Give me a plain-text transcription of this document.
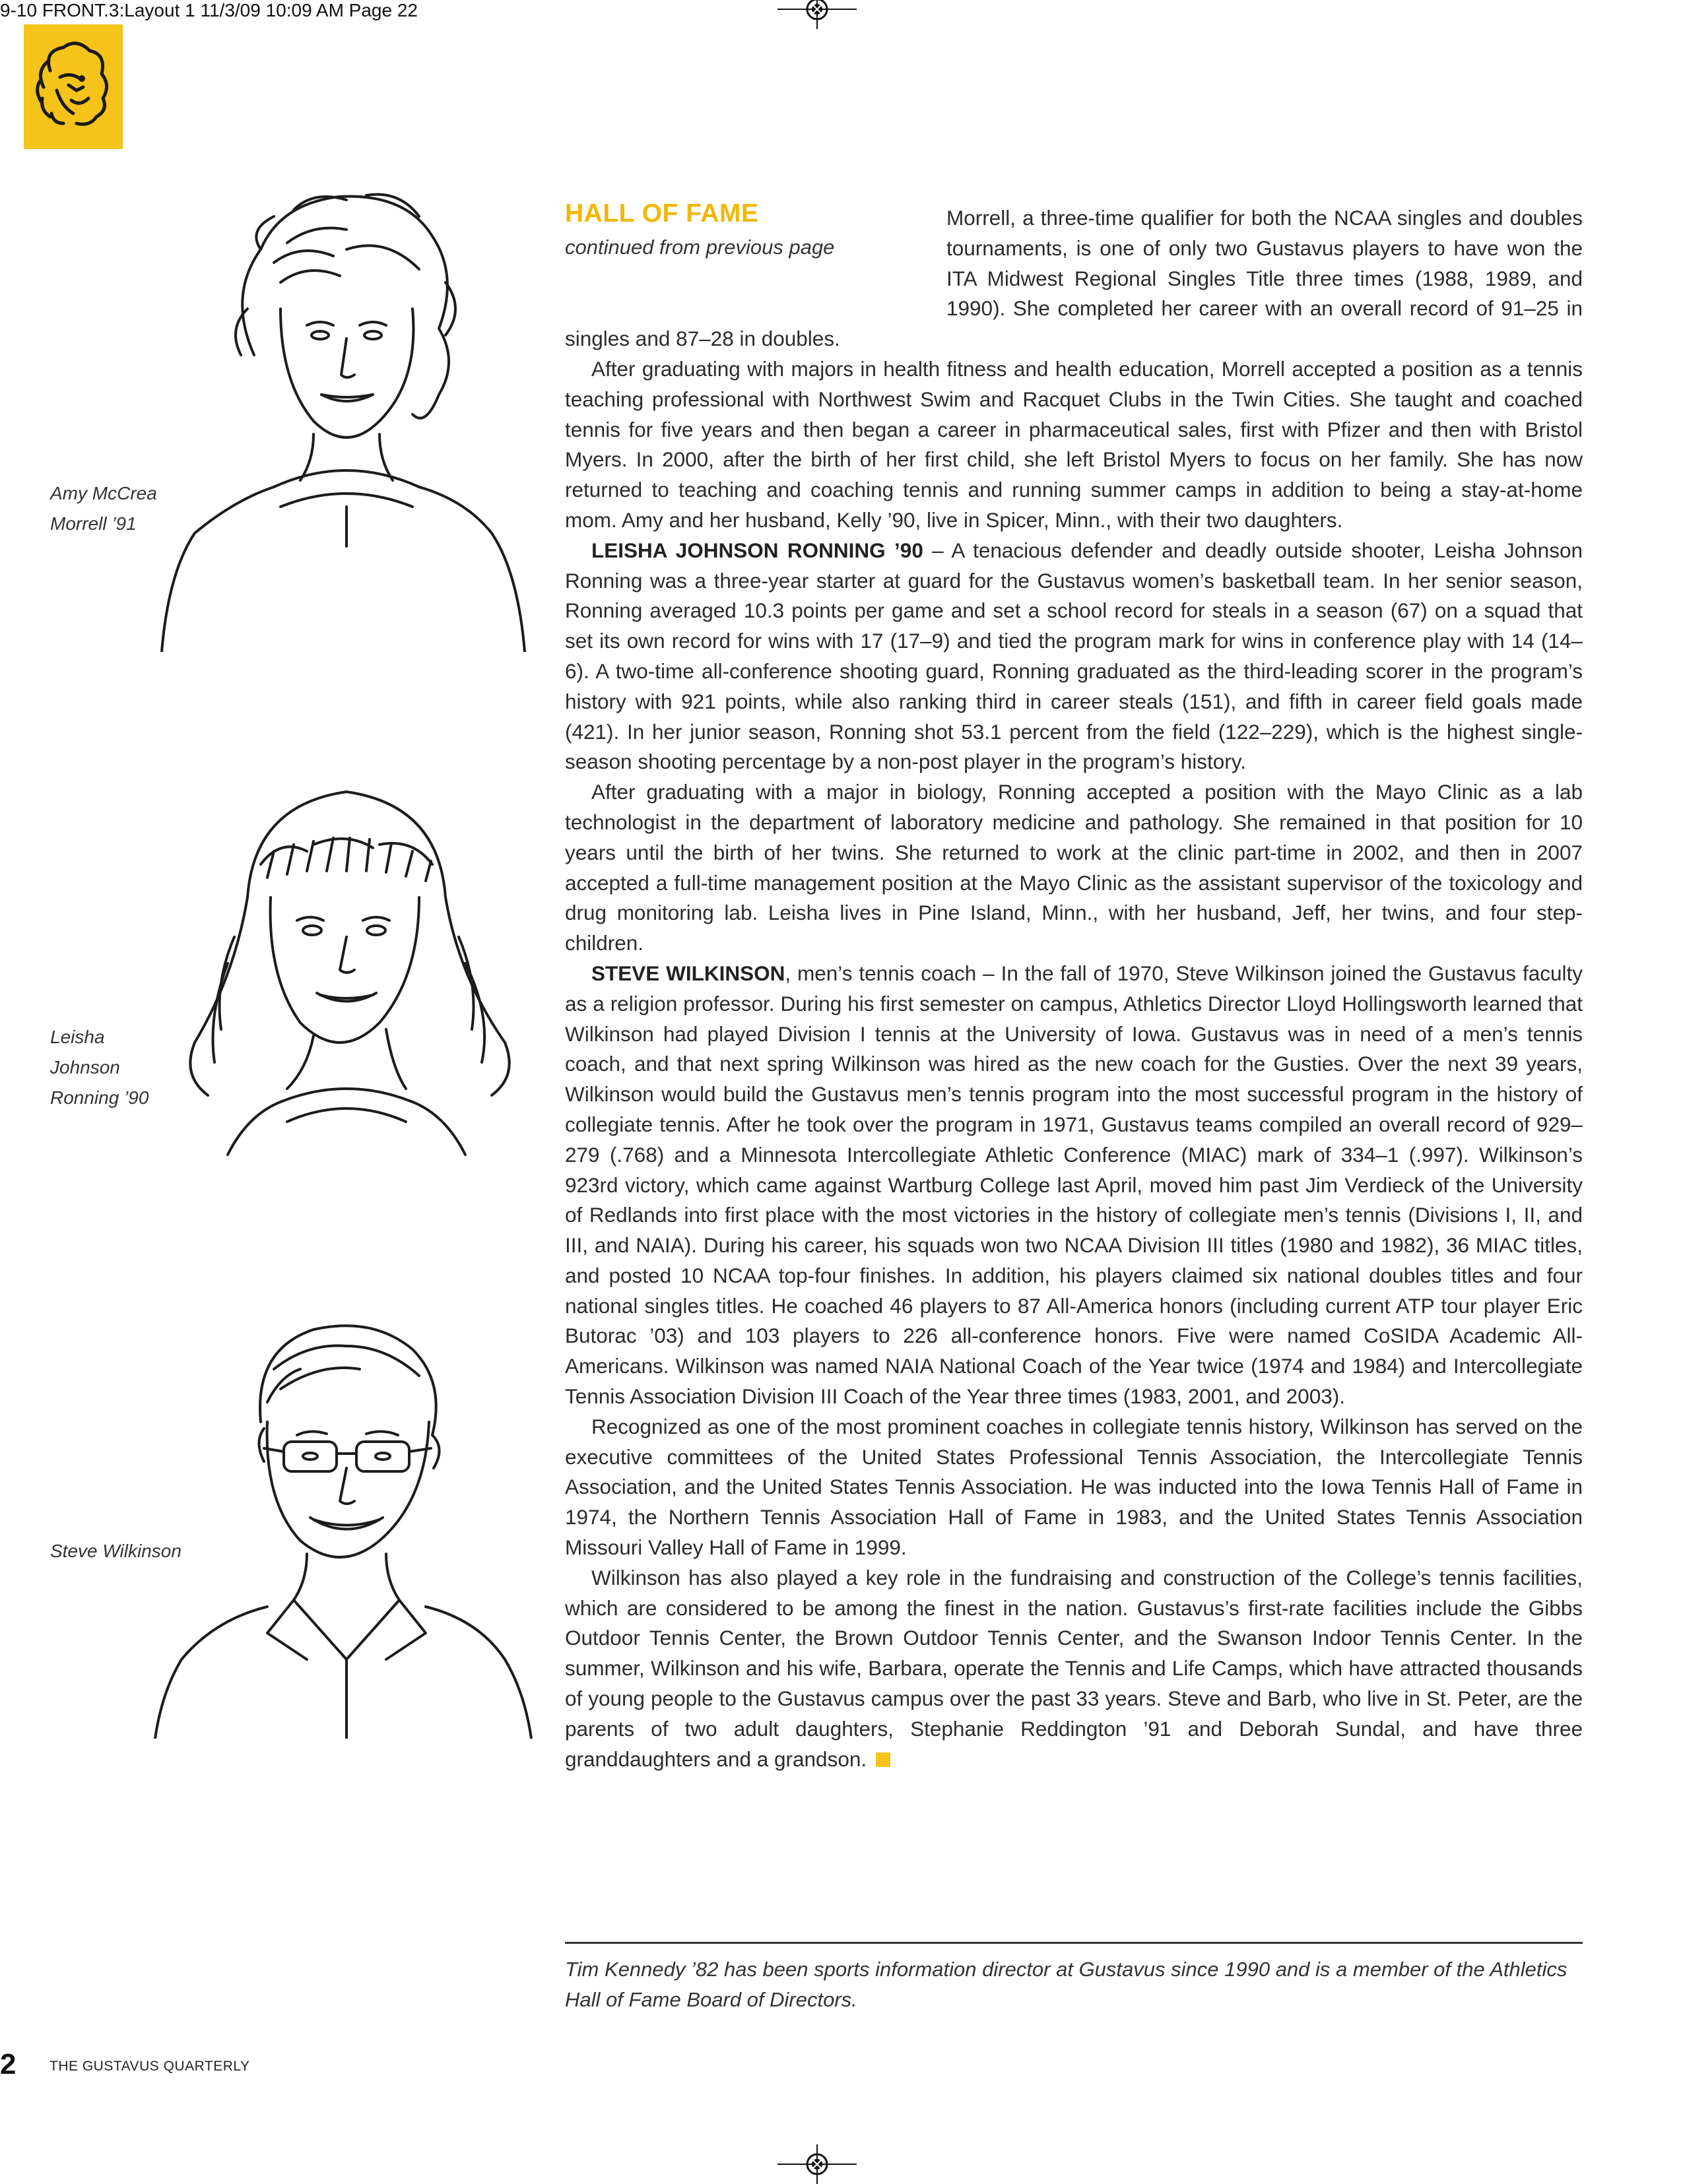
9-10 FRONT.3:Layout 1 11/3/09 10:09 AM Page 22
Amy McCrea
Morrell ’91
Leisha
Johnson
Ronning ’90
Steve Wilkinson
HALL OF FAME
continued from previous page

Morrell, a three-time qualifier for both the NCAA singles and doubles tournaments, is one of only two Gustavus players to have won the ITA Midwest Regional Singles Title three times (1988, 1989, and 1990). She completed her career with an overall record of 91–25 in singles and 87–28 in doubles.

After graduating with majors in health fitness and health education, Morrell accepted a position as a tennis teaching professional with Northwest Swim and Racquet Clubs in the Twin Cities. She taught and coached tennis for five years and then began a career in pharmaceutical sales, first with Pfizer and then with Bristol Myers. In 2000, after the birth of her first child, she left Bristol Myers to focus on her family. She has now returned to teaching and coaching tennis and running summer camps in addition to being a stay-at-home mom. Amy and her husband, Kelly ’90, live in Spicer, Minn., with their two daughters.

LEISHA JOHNSON RONNING ’90 – A tenacious defender and deadly outside shooter, Leisha Johnson Ronning was a three-year starter at guard for the Gustavus women’s basketball team. In her senior season, Ronning averaged 10.3 points per game and set a school record for steals in a season (67) on a squad that set its own record for wins with 17 (17–9) and tied the program mark for wins in conference play with 14 (14–6). A two-time all-conference shooting guard, Ronning graduated as the third-leading scorer in the program’s history with 921 points, while also ranking third in career steals (151), and fifth in career field goals made (421). In her junior season, Ronning shot 53.1 percent from the field (122–229), which is the highest single-season shooting percentage by a non-post player in the program’s history.

After graduating with a major in biology, Ronning accepted a position with the Mayo Clinic as a lab technologist in the department of laboratory medicine and pathology. She remained in that position for 10 years until the birth of her twins. She returned to work at the clinic part-time in 2002, and then in 2007 accepted a full-time management position at the Mayo Clinic as the assistant supervisor of the toxicology and drug monitoring lab. Leisha lives in Pine Island, Minn., with her husband, Jeff, her twins, and four step-children.

STEVE WILKINSON, men’s tennis coach – In the fall of 1970, Steve Wilkinson joined the Gustavus faculty as a religion professor. During his first semester on campus, Athletics Director Lloyd Hollingsworth learned that Wilkinson had played Division I tennis at the University of Iowa. Gustavus was in need of a men’s tennis coach, and that next spring Wilkinson was hired as the new coach for the Gusties. Over the next 39 years, Wilkinson would build the Gustavus men’s tennis program into the most successful program in the history of collegiate tennis. After he took over the program in 1971, Gustavus teams compiled an overall record of 929–279 (.768) and a Minnesota Intercollegiate Athletic Conference (MIAC) mark of 334–1 (.997). Wilkinson’s 923rd victory, which came against Wartburg College last April, moved him past Jim Verdieck of the University of Redlands into first place with the most victories in the history of collegiate men’s tennis (Divisions I, II, and III, and NAIA). During his career, his squads won two NCAA Division III titles (1980 and 1982), 36 MIAC titles, and posted 10 NCAA top-four finishes. In addition, his players claimed six national doubles titles and four national singles titles. He coached 46 players to 87 All-America honors (including current ATP tour player Eric Butorac ’03) and 103 players to 226 all-conference honors. Five were named CoSIDA Academic All-Americans. Wilkinson was named NAIA National Coach of the Year twice (1974 and 1984) and Intercollegiate Tennis Association Division III Coach of the Year three times (1983, 2001, and 2003).

Recognized as one of the most prominent coaches in collegiate tennis history, Wilkinson has served on the executive committees of the United States Professional Tennis Association, the Intercollegiate Tennis Association, and the United States Tennis Association. He was inducted into the Iowa Tennis Hall of Fame in 1974, the Northern Tennis Association Hall of Fame in 1983, and the United States Tennis Association Missouri Valley Hall of Fame in 1999.

Wilkinson has also played a key role in the fundraising and construction of the College’s tennis facilities, which are considered to be among the finest in the nation. Gustavus’s first-rate facilities include the Gibbs Outdoor Tennis Center, the Brown Outdoor Tennis Center, and the Swanson Indoor Tennis Center. In the summer, Wilkinson and his wife, Barbara, operate the Tennis and Life Camps, which have attracted thousands of young people to the Gustavus campus over the past 33 years. Steve and Barb, who live in St. Peter, are the parents of two adult daughters, Stephanie Reddington ’91 and Deborah Sundal, and have three granddaughters and a grandson.

Tim Kennedy ’82 has been sports information director at Gustavus since 1990 and is a member of the Athletics Hall of Fame Board of Directors.
2 THE GUSTAVUS QUARTERLY
